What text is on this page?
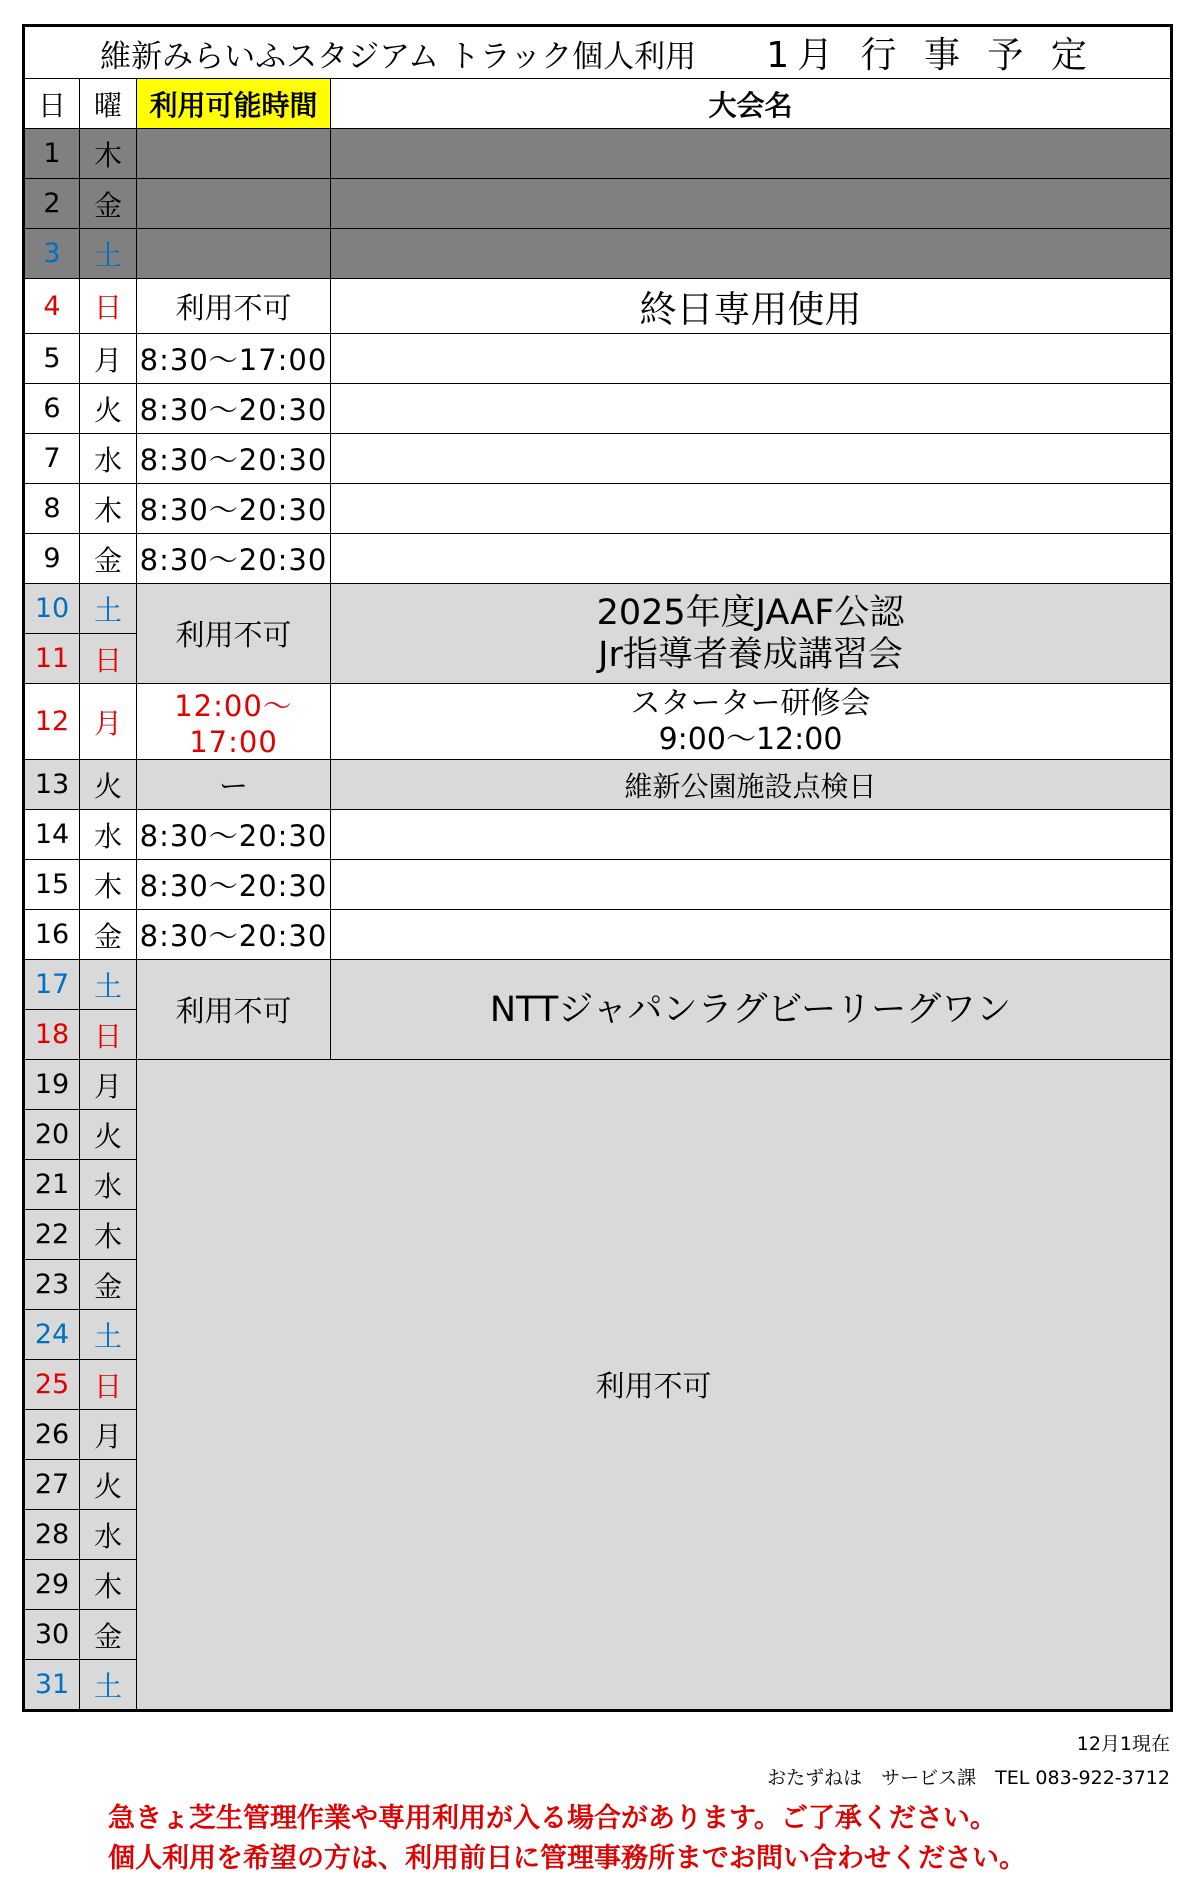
維新みらいふスタジアム トラック個人利用 1月 行 事 予 定			
日	曜	利用可能時間	大会名
1	木		
2	金		
3	土		
4	日	利用不可	終日専用使用
5	月	8:30〜17:00	
6	火	8:30〜20:30	
7	水	8:30〜20:30	
8	木	8:30〜20:30	
9	金	8:30〜20:30	
10	土	利用不可	2025年度JAAF公認
Jr指導者養成講習会

11	日		
12	月	12:00〜17:00	スターター研修会
9:00〜12:00

13	火	ー	維新公園施設点検日
14	水	8:30〜20:30	
15	木	8:30〜20:30	
16	金	8:30〜20:30	
17	土	利用不可	NTTジャパンラグビーリーグワン
18	日		
19	月	利用不可	
20	火		
21	水		
22	木		
23	金		
24	土		
25	日		
26	月		
27	火		
28	水		
29	木		
30	金		
31	土		
12月1現在
おたずねは　サービス課　TEL 083-922-3712
急きょ芝生管理作業や専用利用が入る場合があります。ご了承ください。
個人利用を希望の方は、利用前日に管理事務所までお問い合わせください。
